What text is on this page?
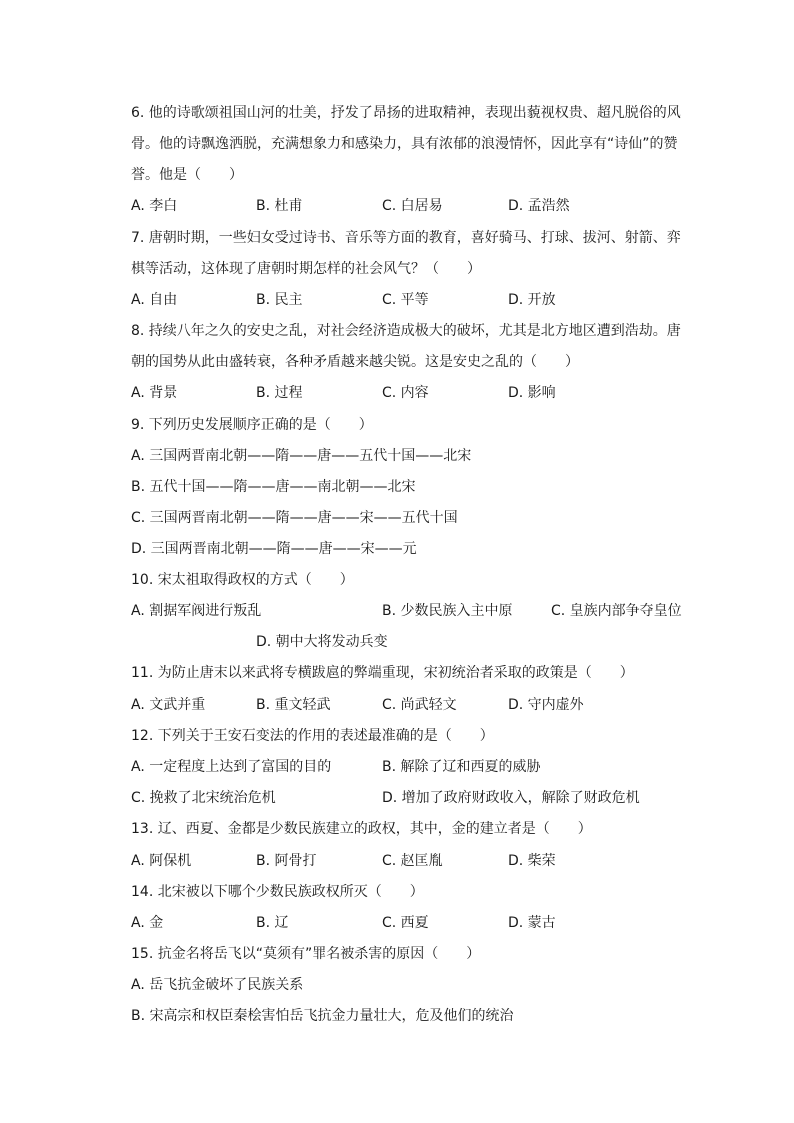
6. 他的诗歌颂祖国山河的壮美，抒发了昂扬的进取精神，表现出藐视权贵、超凡脱俗的风
骨。他的诗飘逸洒脱，充满想象力和感染力，具有浓郁的浪漫情怀，因此享有“诗仙”的赞
誉。他是（　　）
A. 李白	B. 杜甫	C. 白居易	D. 孟浩然
7. 唐朝时期，一些妇女受过诗书、音乐等方面的教育，喜好骑马、打球、拔河、射箭、弈
棋等活动，这体现了唐朝时期怎样的社会风气？（　　）
A. 自由	B. 民主	C. 平等	D. 开放
8. 持续八年之久的安史之乱，对社会经济造成极大的破坏，尤其是北方地区遭到浩劫。唐
朝的国势从此由盛转衰，各种矛盾越来越尖锐。这是安史之乱的（　　）
A. 背景	B. 过程	C. 内容	D. 影响
9. 下列历史发展顺序正确的是（　　）
A. 三国两晋南北朝——隋——唐——五代十国——北宋
B. 五代十国——隋——唐——南北朝——北宋
C. 三国两晋南北朝——隋——唐——宋——五代十国
D. 三国两晋南北朝——隋——唐——宋——元
10. 宋太祖取得政权的方式（　　）
A. 割据军阀进行叛乱	B. 少数民族入主中原	C. 皇族内部争夺皇位
D. 朝中大将发动兵变
11. 为防止唐末以来武将专横跋扈的弊端重现，宋初统治者采取的政策是（　　）
A. 文武并重	B. 重文轻武	C. 尚武轻文	D. 守内虚外
12. 下列关于王安石变法的作用的表述最准确的是（　　）
A. 一定程度上达到了富国的目的	B. 解除了辽和西夏的威胁
C. 挽救了北宋统治危机	D. 增加了政府财政收入，解除了财政危机
13. 辽、西夏、金都是少数民族建立的政权，其中，金的建立者是（　　）
A. 阿保机	B. 阿骨打	C. 赵匡胤	D. 柴荣
14. 北宋被以下哪个少数民族政权所灭（　　）
A. 金	B. 辽	C. 西夏	D. 蒙古
15. 抗金名将岳飞以“莫须有”罪名被杀害的原因（　　）
A. 岳飞抗金破坏了民族关系
B. 宋高宗和权臣秦桧害怕岳飞抗金力量壮大，危及他们的统治
